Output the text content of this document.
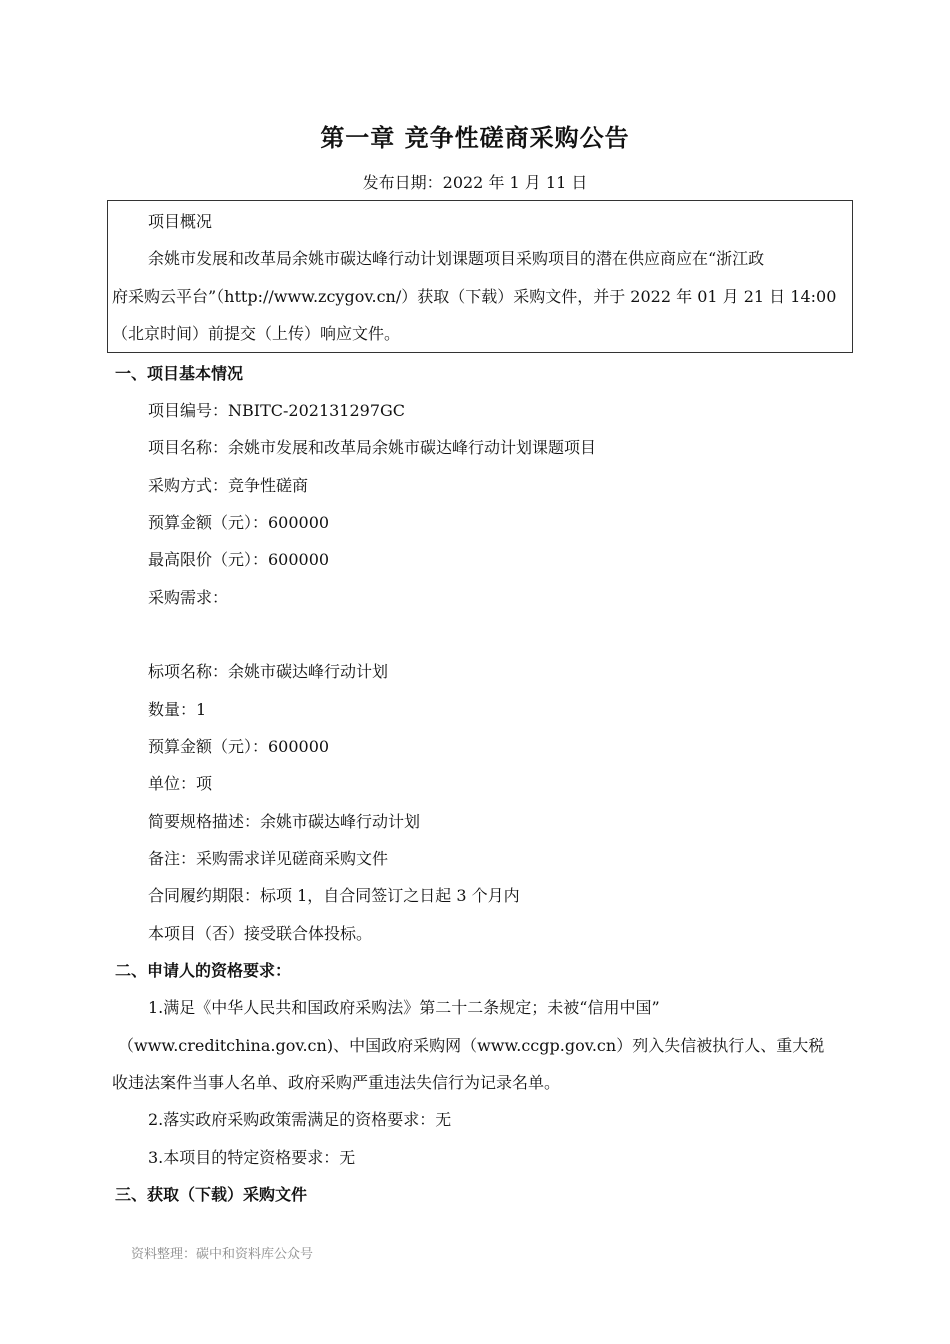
第一章 竞争性磋商采购公告
发布日期：2022 年 1 月 11 日
项目概况
余姚市发展和改革局余姚市碳达峰行动计划课题项目采购项目的潜在供应商应在“浙江政
府采购云平台”（http://www.zcygov.cn/）获取（下载）采购文件，并于 2022 年 01 月 21 日 14:00
（北京时间）前提交（上传）响应文件。
一、项目基本情况
项目编号：NBITC-202131297GC
项目名称：余姚市发展和改革局余姚市碳达峰行动计划课题项目
采购方式：竞争性磋商
预算金额（元）：600000
最高限价（元）：600000
采购需求：
标项名称：余姚市碳达峰行动计划
数量：1
预算金额（元）：600000
单位：项
简要规格描述：余姚市碳达峰行动计划
备注：采购需求详见磋商采购文件
合同履约期限：标项 1，自合同签订之日起 3 个月内
本项目（否）接受联合体投标。
二、申请人的资格要求：
1.满足《中华人民共和国政府采购法》第二十二条规定；未被“信用中国”
（www.creditchina.gov.cn)、中国政府采购网（www.ccgp.gov.cn）列入失信被执行人、重大税
收违法案件当事人名单、政府采购严重违法失信行为记录名单。
2.落实政府采购政策需满足的资格要求：无
3.本项目的特定资格要求：无
三、获取（下载）采购文件
资料整理：碳中和资料库公众号
